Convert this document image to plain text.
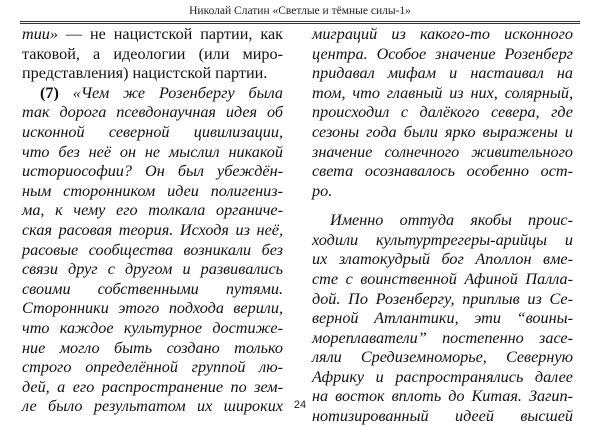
Николай Слатин «Светлые и тёмные силы-1»
тии» — не нацистской партии, как
таковой, а идеологии (или миро-
представления) нацистской партии.
(7) «Чем же Розенбергу была
так дорога псевдонаучная идея об
исконной северной цивилизации,
что без неё он не мыслил никакой
историософии? Он был убеждён-
ным сторонником идеи полигениз-
ма, к чему его толкала органиче-
ская расовая теория. Исходя из неё,
расовые сообщества возникали без
связи друг с другом и развивались
своими собственными путями.
Сторонники этого подхода верили,
что каждое культурное достиже-
ние могло быть создано только
строго определённой группой лю-
дей, а его распространение по зем-
ле было результатом их широких
миграций из какого-то исконного
центра. Особое значение Розенберг
придавал мифам и настаивал на
том, что главный из них, солярный,
происходил с далёкого севера, где
сезоны года были ярко выражены и
значение солнечного живительного
света осознавалось особенно ост-
ро.
Именно оттуда якобы проис-
ходили культуртрегеры-арийцы и
их златокудрый бог Аполлон вме-
сте с воинственной Афиной Палла-
дой. По Розенбергу, приплыв из Се-
верной Атлантики, эти “воины-
мореплаватели” постепенно засе-
ляли Средиземноморье, Северную
Африку и распространялись далее
на восток вплоть до Китая. Загип-
нотизированный идеей высшей
24
